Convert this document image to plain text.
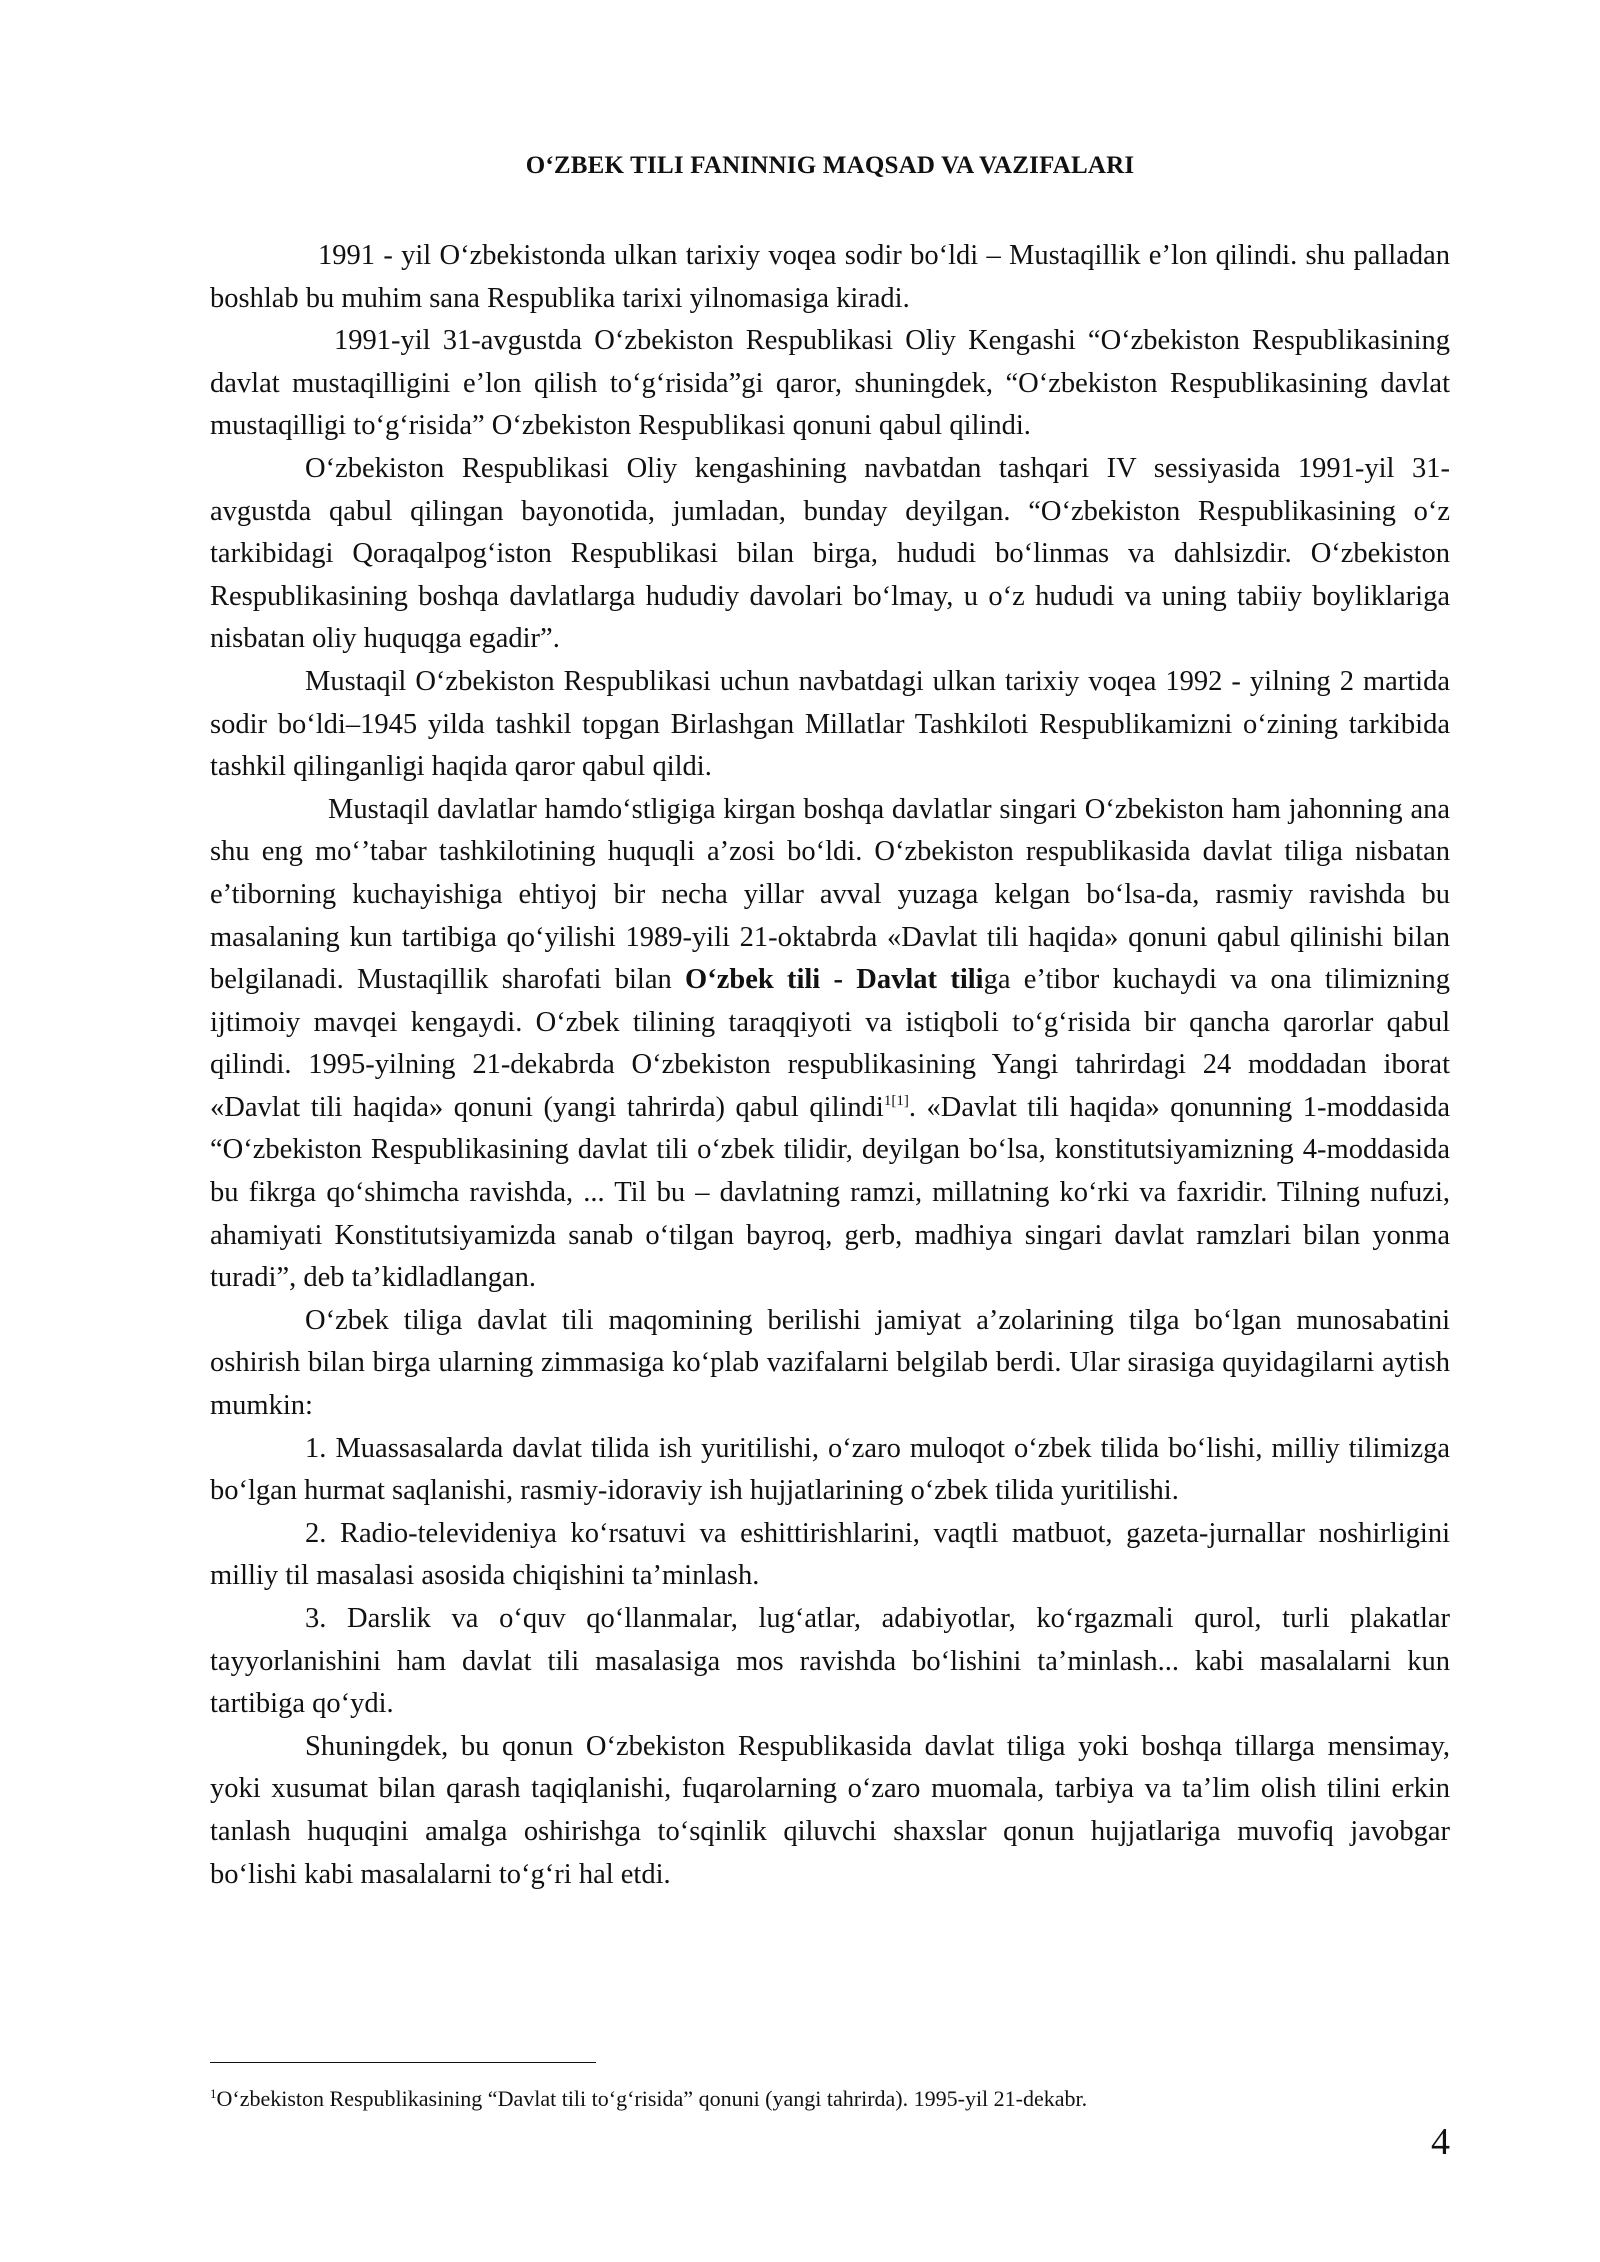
O‘ZBEK TILI FANINNIG MAQSAD VA VAZIFALARI

1991 - yil O‘zbekistonda ulkan tarixiy voqea sodir bo‘ldi – Mustaqillik e’lon qilindi. shu palladan boshlab bu muhim sana Respublika tarixi yilnomasiga kiradi.

1991-yil 31-avgustda O‘zbekiston Respublikasi Oliy Kengashi “O‘zbekiston Respublikasining davlat mustaqilligini e’lon qilish to‘g‘risida”gi qaror, shuningdek, “O‘zbekiston Respublikasining davlat mustaqilligi to‘g‘risida” O‘zbekiston Respublikasi qonuni qabul qilindi.

O‘zbekiston Respublikasi Oliy kengashining navbatdan tashqari IV sessiyasida 1991-yil 31-avgustda qabul qilingan bayonotida, jumladan, bunday deyilgan. “O‘zbekiston Respublikasining o‘z tarkibidagi Qoraqalpog‘iston Respublikasi bilan birga, hududi bo‘linmas va dahlsizdir. O‘zbekiston Respublikasining boshqa davlatlarga hududiy davolari bo‘lmay, u o‘z hududi va uning tabiiy boyliklariga nisbatan oliy huquqga egadir”.

Mustaqil O‘zbekiston Respublikasi uchun navbatdagi ulkan tarixiy voqea 1992 - yilning 2 martida sodir bo‘ldi–1945 yilda tashkil topgan Birlashgan Millatlar Tashkiloti Respublikamizni o‘zining tarkibida tashkil qilinganligi haqida qaror qabul qildi.

Mustaqil davlatlar hamdo‘stligiga kirgan boshqa davlatlar singari O‘zbekiston ham jahonning ana shu eng mo‘’tabar tashkilotining huquqli a’zosi bo‘ldi. O‘zbekiston respublikasida davlat tiliga nisbatan e’tiborning kuchayishiga ehtiyoj bir necha yillar avval yuzaga kelgan bo‘lsa-da, rasmiy ravishda bu masalaning kun tartibiga qo‘yilishi 1989-yili 21-oktabrda «Davlat tili haqida» qonuni qabul qilinishi bilan belgilanadi. Mustaqillik sharofati bilan O‘zbek tili - Davlat tiliga e’tibor kuchaydi va ona tilimizning ijtimoiy mavqei kengaydi. O‘zbek tilining taraqqiyoti va istiqboli to‘g‘risida bir qancha qarorlar qabul qilindi. 1995-yilning 21-dekabrda O‘zbekiston respublikasining Yangi tahrirdagi 24 moddadan iborat «Davlat tili haqida» qonuni (yangi tahrirda) qabul qilindi$^{1[1]}$. «Davlat tili haqida» qonunning 1-moddasida “O‘zbekiston Respublikasining davlat tili o‘zbek tilidir, deyilgan bo‘lsa, konstitutsiyamizning 4-moddasida bu fikrga qo‘shimcha ravishda, ... Til bu – davlatning ramzi, millatning ko‘rki va faxridir. Tilning nufuzi, ahamiyati Konstitutsiyamizda sanab o‘tilgan bayroq, gerb, madhiya singari davlat ramzlari bilan yonma turadi”, deb ta’kidladlangan.

O‘zbek tiliga davlat tili maqomining berilishi jamiyat a’zolarining tilga bo‘lgan munosabatini oshirish bilan birga ularning zimmasiga ko‘plab vazifalarni belgilab berdi. Ular sirasiga quyidagilarni aytish mumkin:

1. Muassasalarda davlat tilida ish yuritilishi, o‘zaro muloqot o‘zbek tilida bo‘lishi, milliy tilimizga bo‘lgan hurmat saqlanishi, rasmiy-idoraviy ish hujjatlarining o‘zbek tilida yuritilishi.

2. Radio-televideniya ko‘rsatuvi va eshittirishlarini, vaqtli matbuot, gazeta-jurnallar noshirligini milliy til masalasi asosida chiqishini ta’minlash.

3. Darslik va o‘quv qo‘llanmalar, lug‘atlar, adabiyotlar, ko‘rgazmali qurol, turli plakatlar tayyorlanishini ham davlat tili masalasiga mos ravishda bo‘lishini ta’minlash... kabi masalalarni kun tartibiga qo‘ydi.

Shuningdek, bu qonun O‘zbekiston Respublikasida davlat tiliga yoki boshqa tillarga mensimay, yoki xusumat bilan qarash taqiqlanishi, fuqarolarning o‘zaro muomala, tarbiya va ta’lim olish tilini erkin tanlash huquqini amalga oshirishga to‘sqinlik qiluvchi shaxslar qonun hujjatlariga muvofiq javobgar bo‘lishi kabi masalalarni to‘g‘ri hal etdi.

$^1$O‘zbekiston Respublikasining “Davlat tili to‘g‘risida” qonuni (yangi tahrirda). 1995-yil 21-dekabr.
4
